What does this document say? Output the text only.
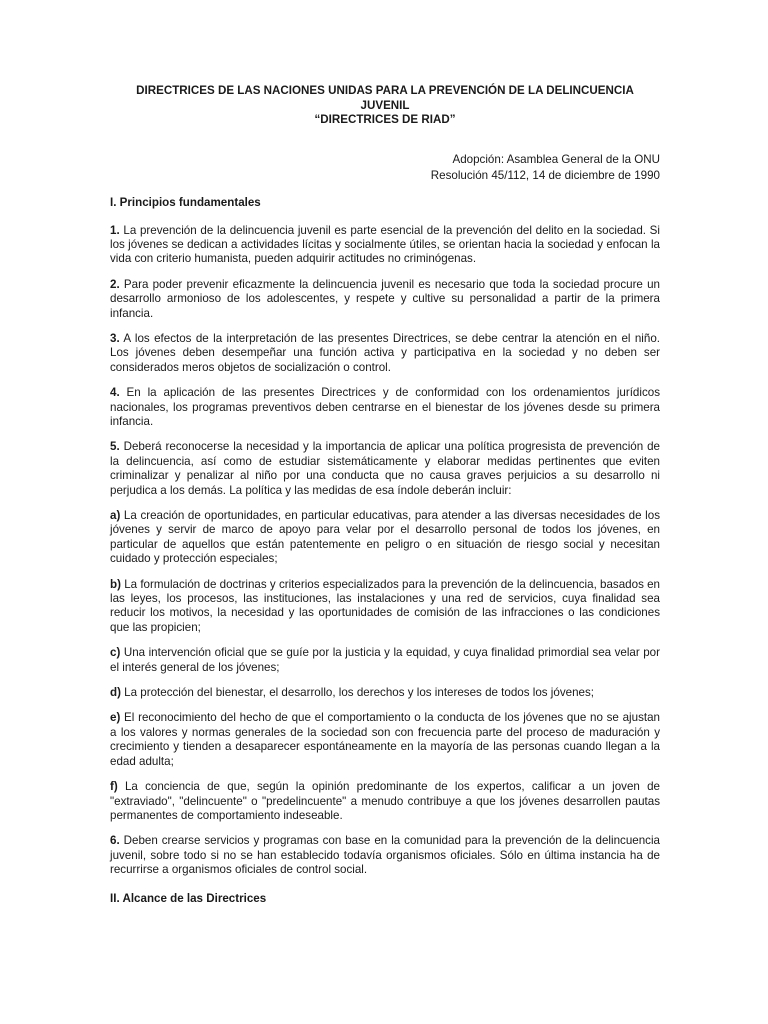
DIRECTRICES DE LAS NACIONES UNIDAS PARA LA PREVENCIÓN DE LA DELINCUENCIA
JUVENIL
“DIRECTRICES DE RIAD”
Adopción: Asamblea General de la ONU
Resolución 45/112, 14 de diciembre de 1990
I. Principios fundamentales

1. La prevención de la delincuencia juvenil es parte esencial de la prevención del delito en la sociedad. Si los jóvenes se dedican a actividades lícitas y socialmente útiles, se orientan hacia la sociedad y enfocan la vida con criterio humanista, pueden adquirir actitudes no criminógenas.

2. Para poder prevenir eficazmente la delincuencia juvenil es necesario que toda la sociedad procure un desarrollo armonioso de los adolescentes, y respete y cultive su personalidad a partir de la primera infancia.

3. A los efectos de la interpretación de las presentes Directrices, se debe centrar la atención en el niño. Los jóvenes deben desempeñar una función activa y participativa en la sociedad y no deben ser considerados meros objetos de socialización o control.

4. En la aplicación de las presentes Directrices y de conformidad con los ordenamientos jurídicos nacionales, los programas preventivos deben centrarse en el bienestar de los jóvenes desde su primera infancia.

5. Deberá reconocerse la necesidad y la importancia de aplicar una política progresista de prevención de la delincuencia, así como de estudiar sistemáticamente y elaborar medidas pertinentes que eviten criminalizar y penalizar al niño por una conducta que no causa graves perjuicios a su desarrollo ni perjudica a los demás. La política y las medidas de esa índole deberán incluir:

a) La creación de oportunidades, en particular educativas, para atender a las diversas necesidades de los jóvenes y servir de marco de apoyo para velar por el desarrollo personal de todos los jóvenes, en particular de aquellos que están patentemente en peligro o en situación de riesgo social y necesitan cuidado y protección especiales;

b) La formulación de doctrinas y criterios especializados para la prevención de la delincuencia, basados en las leyes, los procesos, las instituciones, las instalaciones y una red de servicios, cuya finalidad sea reducir los motivos, la necesidad y las oportunidades de comisión de las infracciones o las condiciones que las propicien;

c) Una intervención oficial que se guíe por la justicia y la equidad, y cuya finalidad primordial sea velar por el interés general de los jóvenes;

d) La protección del bienestar, el desarrollo, los derechos y los intereses de todos los jóvenes;

e) El reconocimiento del hecho de que el comportamiento o la conducta de los jóvenes que no se ajustan a los valores y normas generales de la sociedad son con frecuencia parte del proceso de maduración y crecimiento y tienden a desaparecer espontáneamente en la mayoría de las personas cuando llegan a la edad adulta;

f) La conciencia de que, según la opinión predominante de los expertos, calificar a un joven de "extraviado", "delincuente" o "predelincuente" a menudo contribuye a que los jóvenes desarrollen pautas permanentes de comportamiento indeseable.

6. Deben crearse servicios y programas con base en la comunidad para la prevención de la delincuencia juvenil, sobre todo si no se han establecido todavía organismos oficiales. Sólo en última instancia ha de recurrirse a organismos oficiales de control social.

II. Alcance de las Directrices
